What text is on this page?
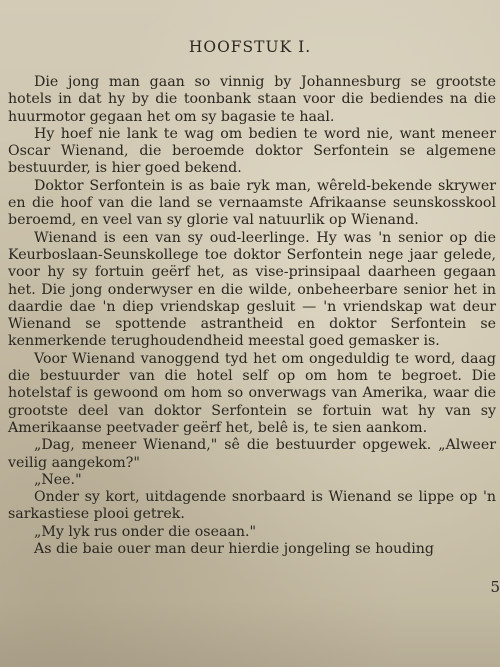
HOOFSTUK I.

Die jong man gaan so vinnig by Johannesburg se grootste hotels in dat hy by die toonbank staan voor die bediendes na die huurmotor gegaan het om sy bagasie te haal.

Hy hoef nie lank te wag om bedien te word nie, want meneer Oscar Wienand, die beroemde doktor Serfontein se algemene bestuurder, is hier goed bekend.

Doktor Serfontein is as baie ryk man, wêreld-bekende skrywer en die hoof van die land se vernaamste Afrikaanse seunskosskool beroemd, en veel van sy glorie val natuurlik op Wienand.

Wienand is een van sy oud-leerlinge. Hy was 'n senior op die Keurboslaan-Seunskollege toe doktor Serfontein nege jaar gelede, voor hy sy fortuin geërf het, as vise-prinsipaal daarheen gegaan het. Die jong onderwyser en die wilde, onbeheerbare senior het in daardie dae 'n diep vriendskap gesluit — 'n vriendskap wat deur Wienand se spottende astrantheid en doktor Serfontein se kenmerkende terughoudendheid meestal goed gemasker is.

Voor Wienand vanoggend tyd het om ongeduldig te word, daag die bestuurder van die hotel self op om hom te begroet. Die hotelstaf is gewoond om hom so onverwags van Amerika, waar die grootste deel van doktor Serfontein se fortuin wat hy van sy Amerikaanse peetvader geërf het, belê is, te sien aankom.

„Dag, meneer Wienand," sê die bestuurder opgewek. „Alweer veilig aangekom?"

„Nee."

Onder sy kort, uitdagende snorbaard is Wienand se lippe op 'n sarkastiese plooi getrek.

„My lyk rus onder die oseaan."

As die baie ouer man deur hierdie jongeling se houding

5
